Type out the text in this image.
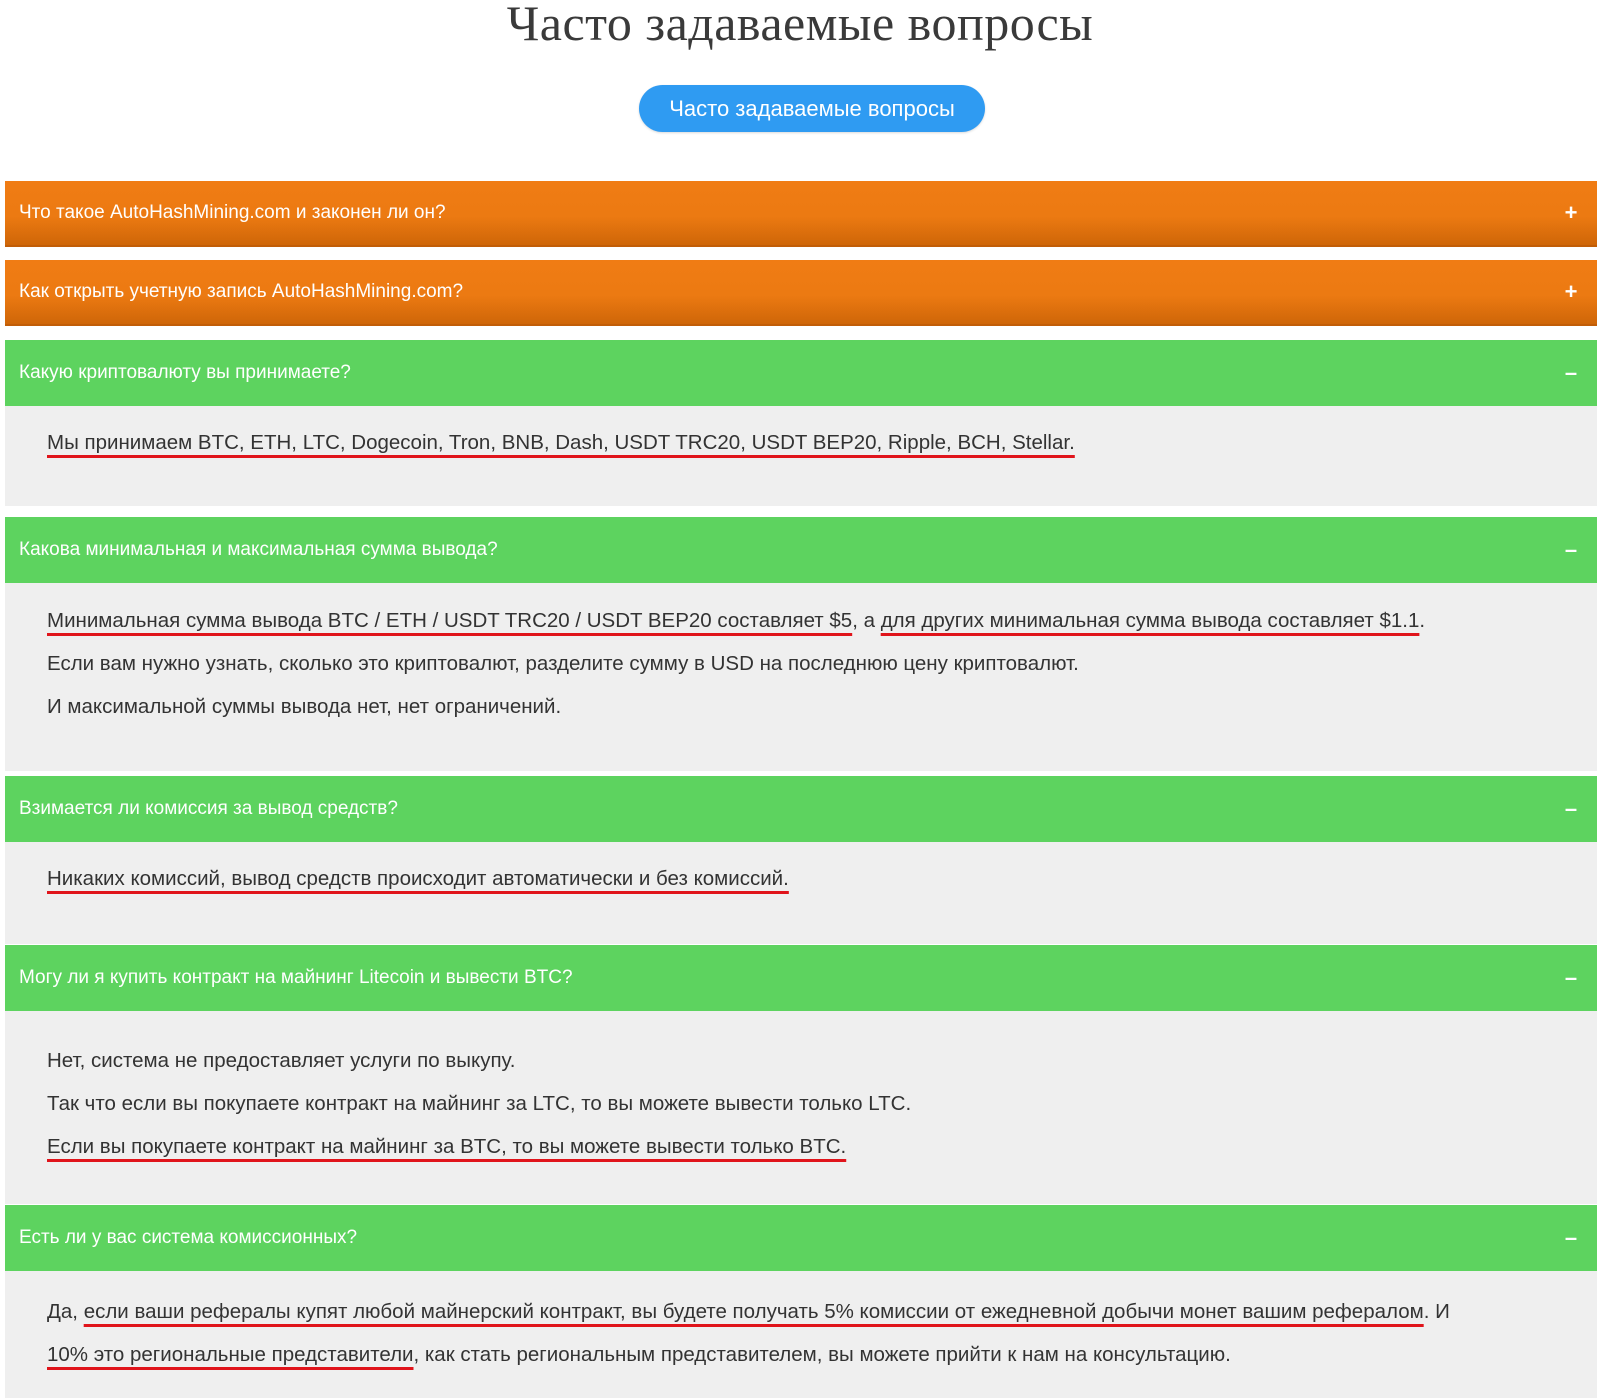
Часто задаваемые вопросы
Часто задаваемые вопросы
Что такое AutoHashMining.com и законен ли он?	+
Как открыть учетную запись AutoHashMining.com?	+
Какую криптовалюту вы принимаете?	–

Мы принимаем BTC, ETH, LTC, Dogecoin, Tron, BNB, Dash, USDT TRC20, USDT BEP20, Ripple, BCH, Stellar.

Какова минимальная и максимальная сумма вывода?	–

Минимальная сумма вывода BTC / ETH / USDT TRC20 / USDT BEP20 составляет $5, а для других минимальная сумма вывода составляет $1.1.

Если вам нужно узнать, сколько это криптовалют, разделите сумму в USD на последнюю цену криптовалют.

И максимальной суммы вывода нет, нет ограничений.

Взимается ли комиссия за вывод средств?	–

Никаких комиссий, вывод средств происходит автоматически и без комиссий.

Могу ли я купить контракт на майнинг Litecoin и вывести BTC?	–

Нет, система не предоставляет услуги по выкупу.

Так что если вы покупаете контракт на майнинг за LTC, то вы можете вывести только LTC.

Если вы покупаете контракт на майнинг за BTC, то вы можете вывести только BTC.

Есть ли у вас система комиссионных?	–

Да, если ваши рефералы купят любой майнерский контракт, вы будете получать 5% комиссии от ежедневной добычи монет вашим рефералом. И

10% это региональные представители, как стать региональным представителем, вы можете прийти к нам на консультацию.
